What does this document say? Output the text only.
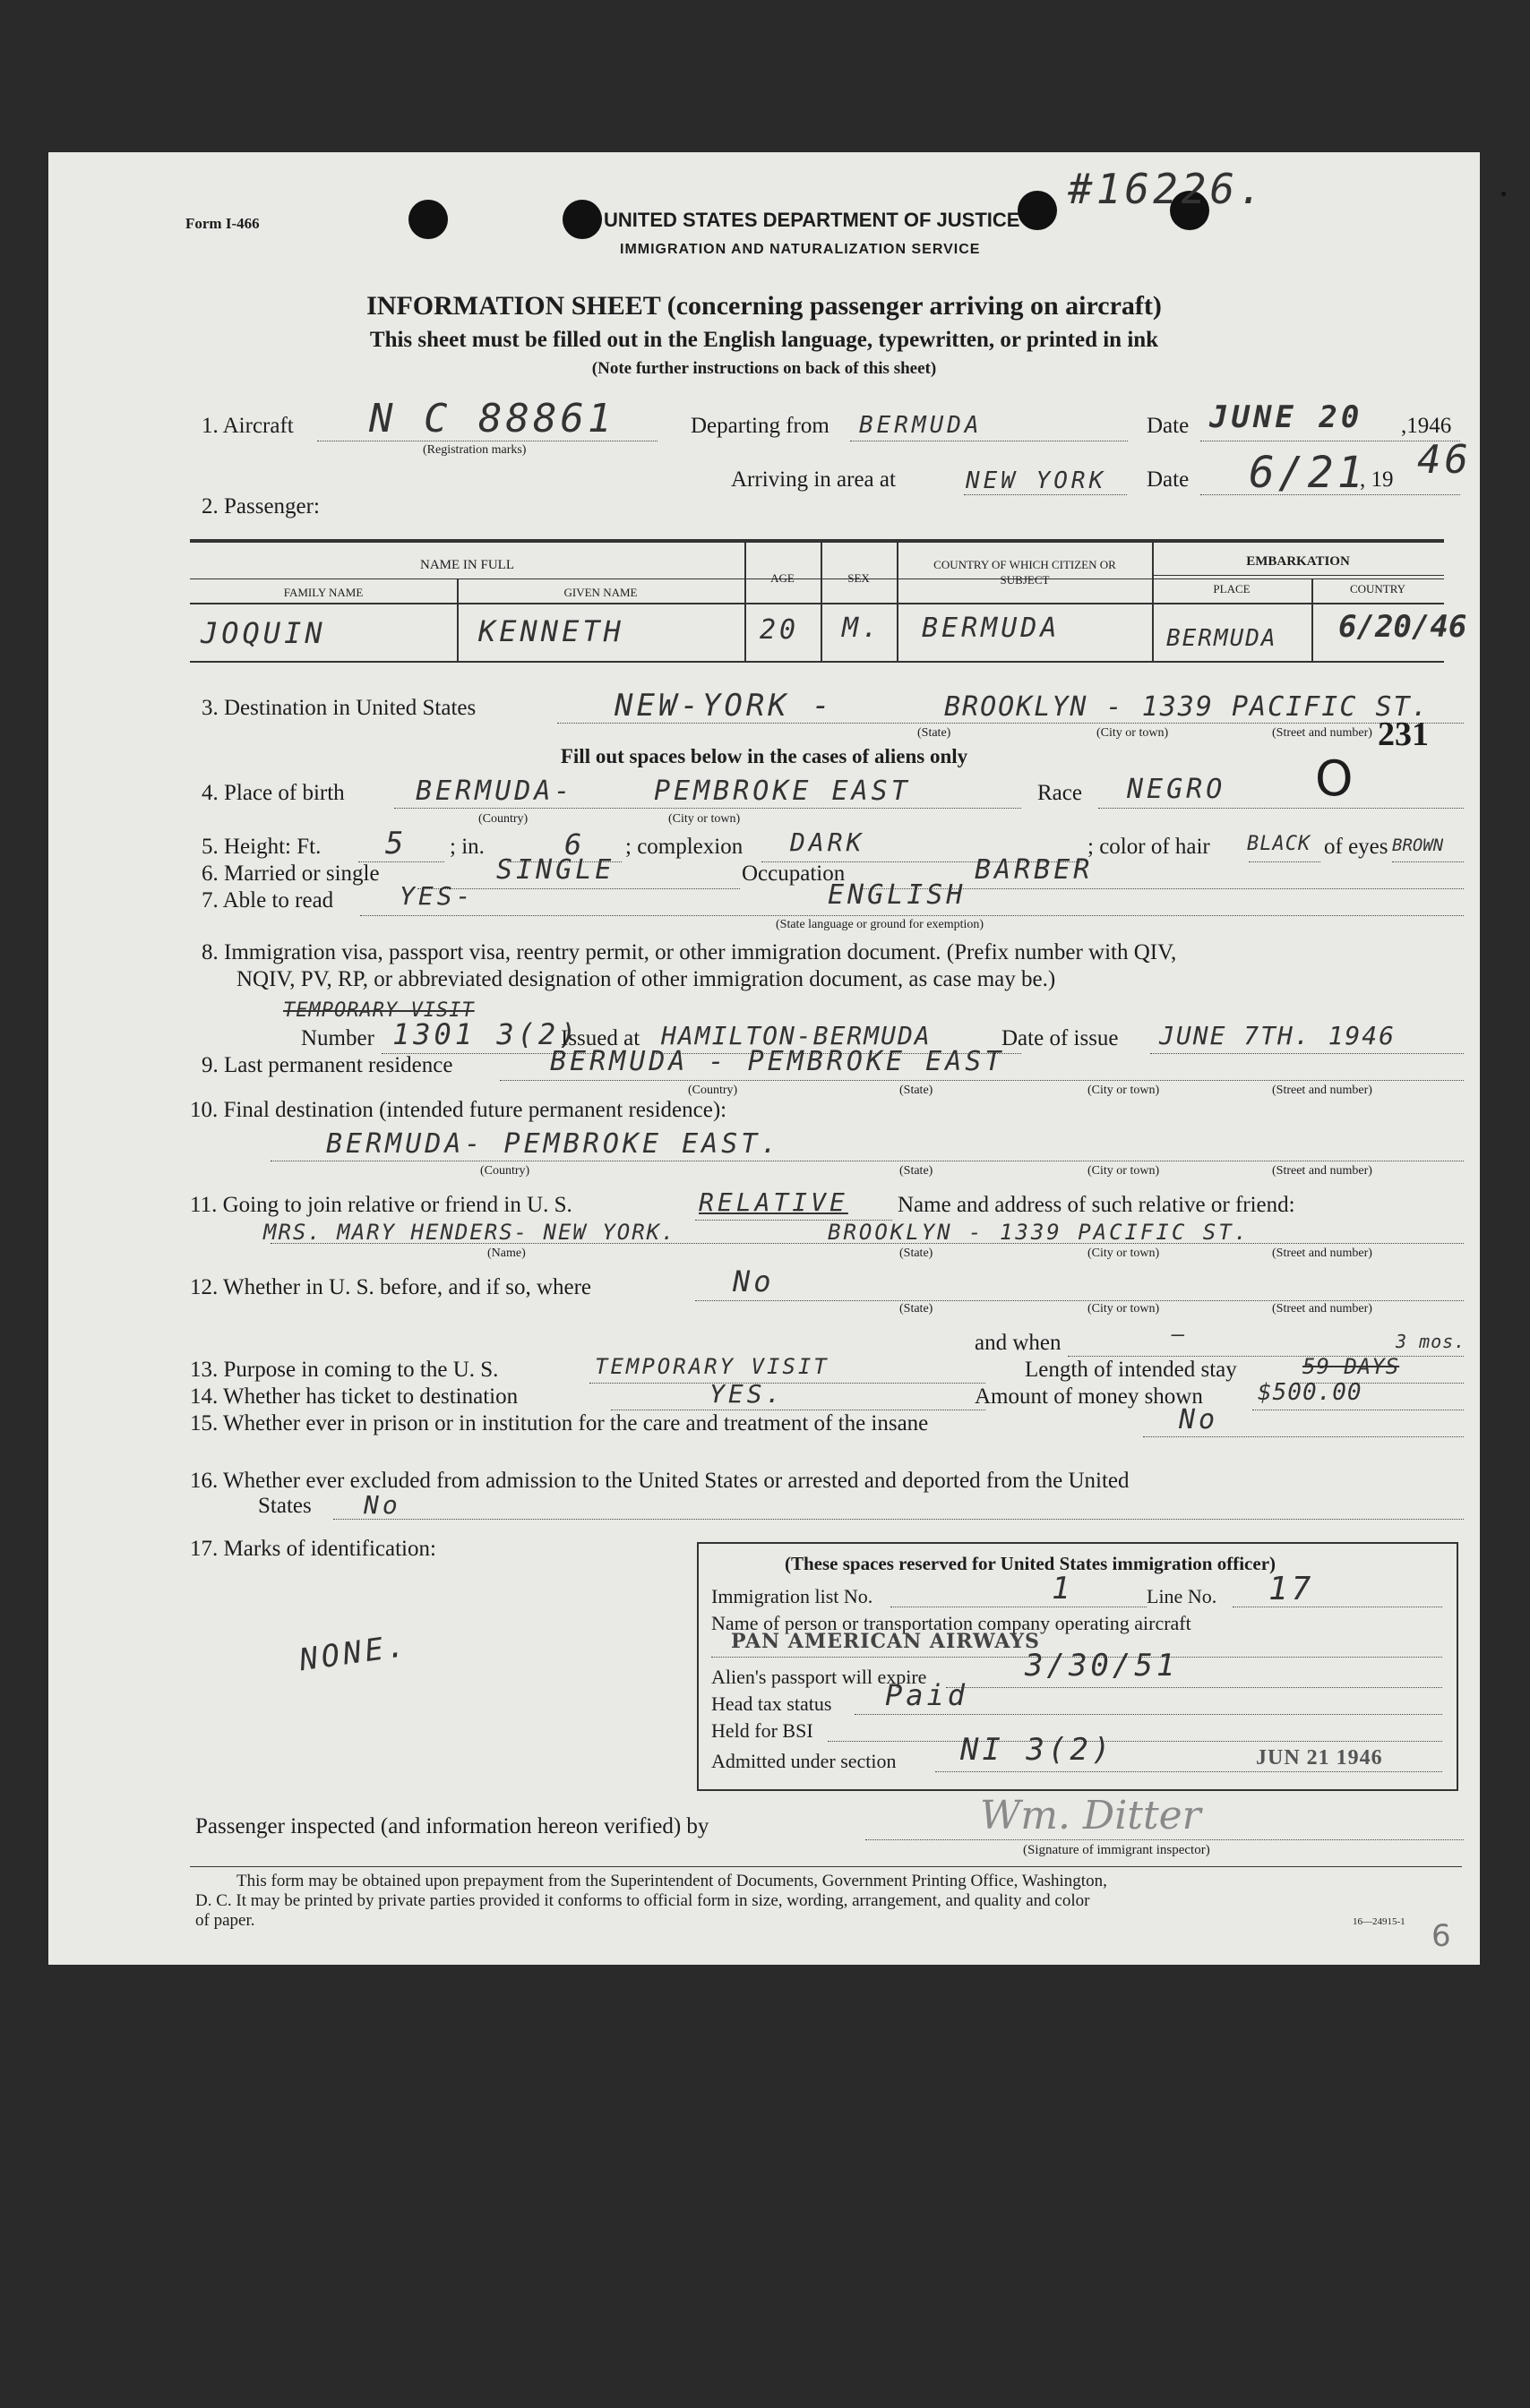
Form I-466	UNITED STATES DEPARTMENT OF JUSTICE
IMMIGRATION AND NATURALIZATION SERVICE
#16226.
INFORMATION SHEET (concerning passenger arriving on aircraft)
This sheet must be filled out in the English language, typewritten, or printed in ink
(Note further instructions on back of this sheet)
1. Aircraft N C 88861
(Registration marks)
Departing from BERMUDA	Date JUNE 20 ,1946
Arriving in area at	NEW YORK Date 6/21
, 19 46
2. Passenger:
NAME IN FULL
FAMILY NAME	GIVEN NAME
AGE	SEX
COUNTRY OF WHICH CITIZEN OR SUBJECT
EMBARKATION
PLACE	COUNTRY
JOQUIN	KENNETH	20 M. BERMUDA	BERMUDA 6/20/46
3. Destination in United States	NEW-YORK -	BROOKLYN - 1339 PACIFIC ST.
(State)	(City or town)	(Street and number) 231
Fill out spaces below in the cases of aliens only
4. Place of birth	BERMUDA-	PEMBROKE EAST
(Country)	(City or town)
Race NEGRO O
5. Height: Ft. 5 ; in.	6 ; complexion DARK	; color of hair BLACK of eyes BROWN
6. Married or single	SINGLE	Occupation	BARBER
7. Able to read	YES-	ENGLISH
(State language or ground for exemption)
8. Immigration visa, passport visa, reentry permit, or other immigration document. (Prefix number with QIV,
NQIV, PV, RP, or abbreviated designation of other immigration document, as case may be.)
TEMPORARY VISIT
Number 1301 3(2)
Issued at HAMILTON-BERMUDA	Date of issue JUNE 7TH. 1946
9. Last permanent residence	BERMUDA - PEMBROKE EAST
(Country)	(State)	(City or town)	(Street and number)
10. Final destination (intended future permanent residence):
BERMUDA- PEMBROKE EAST.
(Country)	(State)	(City or town)	(Street and number)
11. Going to join relative or friend in U. S.	RELATIVE Name and address of such relative or friend:
MRS. MARY HENDERS- NEW YORK.	BROOKLYN - 1339 PACIFIC ST.
(Name)	(State)	(City or town)	(Street and number)
12. Whether in U. S. before, and if so, where	No
(State)	(City or town)	(Street and number)
and when	—	3 mos.
13. Purpose in coming to the U. S.	TEMPORARY VISIT	Length of intended stay	59 DAYS
14. Whether has ticket to destination	YES.	Amount of money shown $500.00
15. Whether ever in prison or in institution for the care and treatment of the insane	No
16. Whether ever excluded from admission to the United States or arrested and deported from the United
States No
17. Marks of identification:
NONE.
(These spaces reserved for United States immigration officer)
Immigration list No.	1	Line No. 17
Name of person or transportation company operating aircraft
PAN AMERICAN AIRWAYS
Alien's passport will expire	3/30/51
Head tax status Paid
Held for BSI
Admitted under section NI 3(2)	JUN 21 1946
Passenger inspected (and information hereon verified) by	Wm. Ditter
(Signature of immigrant inspector)
This form may be obtained upon prepayment from the Superintendent of Documents, Government Printing Office, Washington,
D. C. It may be printed by private parties provided it conforms to official form in size, wording, arrangement, and quality and color
of paper.	16—24915-1 6
